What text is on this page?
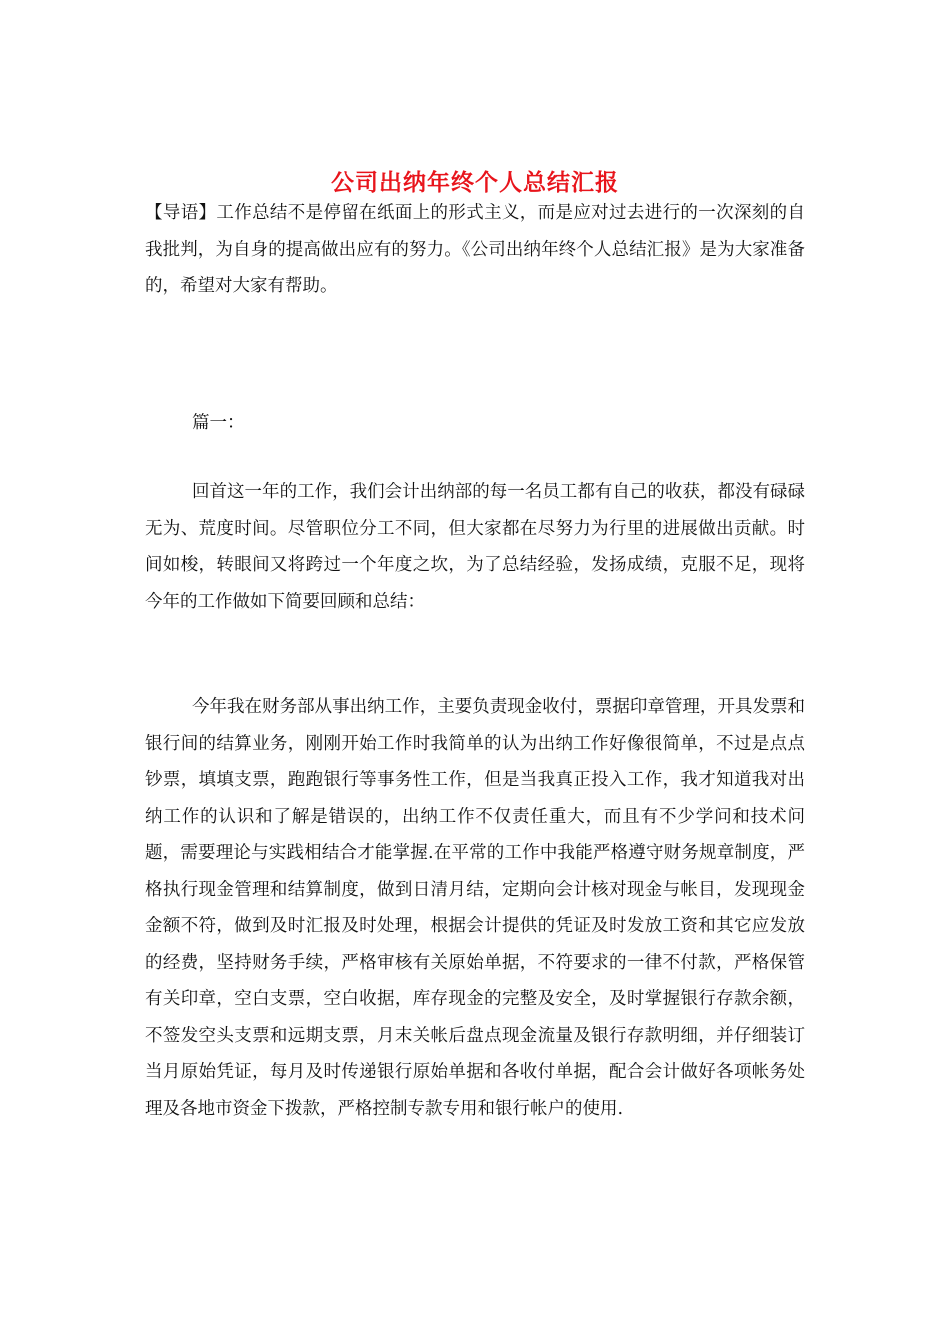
公司出纳年终个人总结汇报

【导语】工作总结不是停留在纸面上的形式主义，而是应对过去进行的一次深刻的自我批判，为自身的提高做出应有的努力。《公司出纳年终个人总结汇报》是为大家准备的，希望对大家有帮助。

篇一：

回首这一年的工作，我们会计出纳部的每一名员工都有自己的收获，都没有碌碌无为、荒度时间。尽管职位分工不同，但大家都在尽努力为行里的进展做出贡献。时间如梭，转眼间又将跨过一个年度之坎，为了总结经验，发扬成绩，克服不足，现将今年的工作做如下简要回顾和总结：

今年我在财务部从事出纳工作，主要负责现金收付，票据印章管理，开具发票和银行间的结算业务，刚刚开始工作时我简单的认为出纳工作好像很简单，不过是点点钞票，填填支票，跑跑银行等事务性工作，但是当我真正投入工作，我才知道我对出纳工作的认识和了解是错误的，出纳工作不仅责任重大，而且有不少学问和技术问题，需要理论与实践相结合才能掌握.在平常的工作中我能严格遵守财务规章制度，严格执行现金管理和结算制度，做到日清月结，定期向会计核对现金与帐目，发现现金金额不符，做到及时汇报及时处理，根据会计提供的凭证及时发放工资和其它应发放的经费，坚持财务手续，严格审核有关原始单据，不符要求的一律不付款，严格保管有关印章，空白支票，空白收据，库存现金的完整及安全，及时掌握银行存款余额，不签发空头支票和远期支票，月末关帐后盘点现金流量及银行存款明细，并仔细装订当月原始凭证，每月及时传递银行原始单据和各收付单据，配合会计做好各项帐务处理及各地市资金下拨款，严格控制专款专用和银行帐户的使用.
